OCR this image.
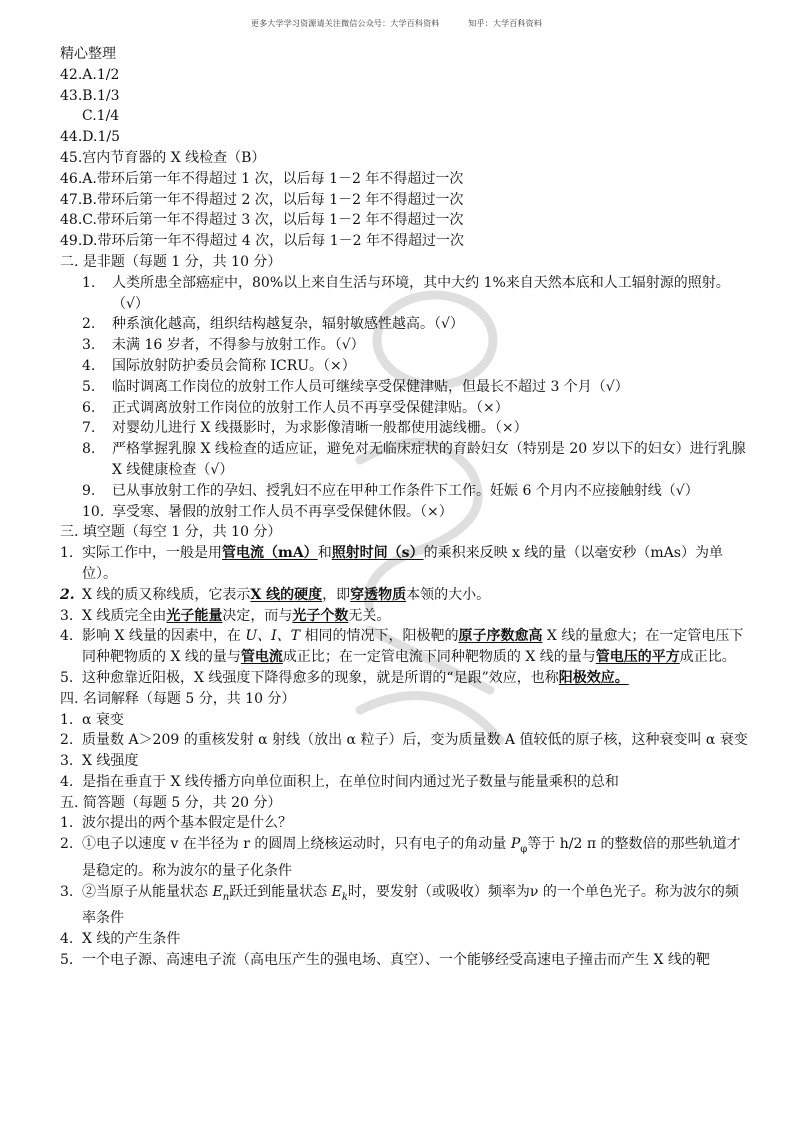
更多大学学习资源请关注微信公众号：大学百科资料	知乎：大学百科资料
精心整理
42. A.1/2
43. B.1/3
C.1/4
44. D.1/5
45. 宫内节育器的 X 线检查（B）
46. A.带环后第一年不得超过 1 次，以后每 1－2 年不得超过一次
47. B.带环后第一年不得超过 2 次，以后每 1－2 年不得超过一次
48. C.带环后第一年不得超过 3 次，以后每 1－2 年不得超过一次
49. D.带环后第一年不得超过 4 次，以后每 1－2 年不得超过一次
二. 是非题（每题 1 分，共 10 分）
1.	人类所患全部癌症中，80%以上来自生活与环境，其中大约 1%来自天然本底和人工辐射源的照射。（√）
2.	种系演化越高，组织结构越复杂，辐射敏感性越高。（√）
3.	未满 16 岁者，不得参与放射工作。（√）
4.	国际放射防护委员会简称 ICRU。（×）
5.	临时调离工作岗位的放射工作人员可继续享受保健津贴，但最长不超过 3 个月（√）
6.	正式调离放射工作岗位的放射工作人员不再享受保健津贴。（×）
7.	对婴幼儿进行 X 线摄影时，为求影像清晰一般都使用滤线栅。（×）
8.	严格掌握乳腺 X 线检查的适应证，避免对无临床症状的育龄妇女（特别是 20 岁以下的妇女）进行乳腺 X 线健康检查（√）
9.	已从事放射工作的孕妇、授乳妇不应在甲种工作条件下工作。妊娠 6 个月内不应接触射线（√）
10. 享受寒、暑假的放射工作人员不再享受保健休假。（×）
三. 填空题（每空 1 分，共 10 分）
1. 实际工作中，一般是用管电流（mA）和照射时间（s）的乘积来反映 x 线的量（以毫安秒（mAs）为单位）。
2. X 线的质又称线质，它表示X 线的硬度，即穿透物质本领的大小。
3. X 线质完全由光子能量决定，而与光子个数无关。
4. 影响 X 线量的因素中，在 U、I、T 相同的情况下，阳极靶的原子序数愈高 X 线的量愈大；在一定管电压下同种靶物质的 X 线的量与管电流成正比；在一定管电流下同种靶物质的 X 线的量与管电压的平方成正比。
5. 这种愈靠近阳极，X 线强度下降得愈多的现象，就是所谓的“足跟”效应，也称阳极效应。
四. 名词解释（每题 5 分，共 10 分）
1. α 衰变
2. 质量数 A＞209 的重核发射 α 射线（放出 α 粒子）后，变为质量数 A 值较低的原子核，这种衰变叫 α 衰变
3. X 线强度
4. 是指在垂直于 X 线传播方向单位面积上，在单位时间内通过光子数量与能量乘积的总和
五. 简答题（每题 5 分，共 20 分）
1. 波尔提出的两个基本假定是什么？
2. ①电子以速度 v 在半径为 r 的圆周上绕核运动时，只有电子的角动量 $P_\varphi$等于 h/2 π 的整数倍的那些轨道才是稳定的。称为波尔的量子化条件
3. ②当原子从能量状态 $E_n$跃迁到能量状态 $E_k$时，要发射（或吸收）频率为ν 的一个单色光子。称为波尔的频率条件
4. X 线的产生条件
5. 一个电子源、高速电子流（高电压产生的强电场、真空）、一个能够经受高速电子撞击而产生 X 线的靶
